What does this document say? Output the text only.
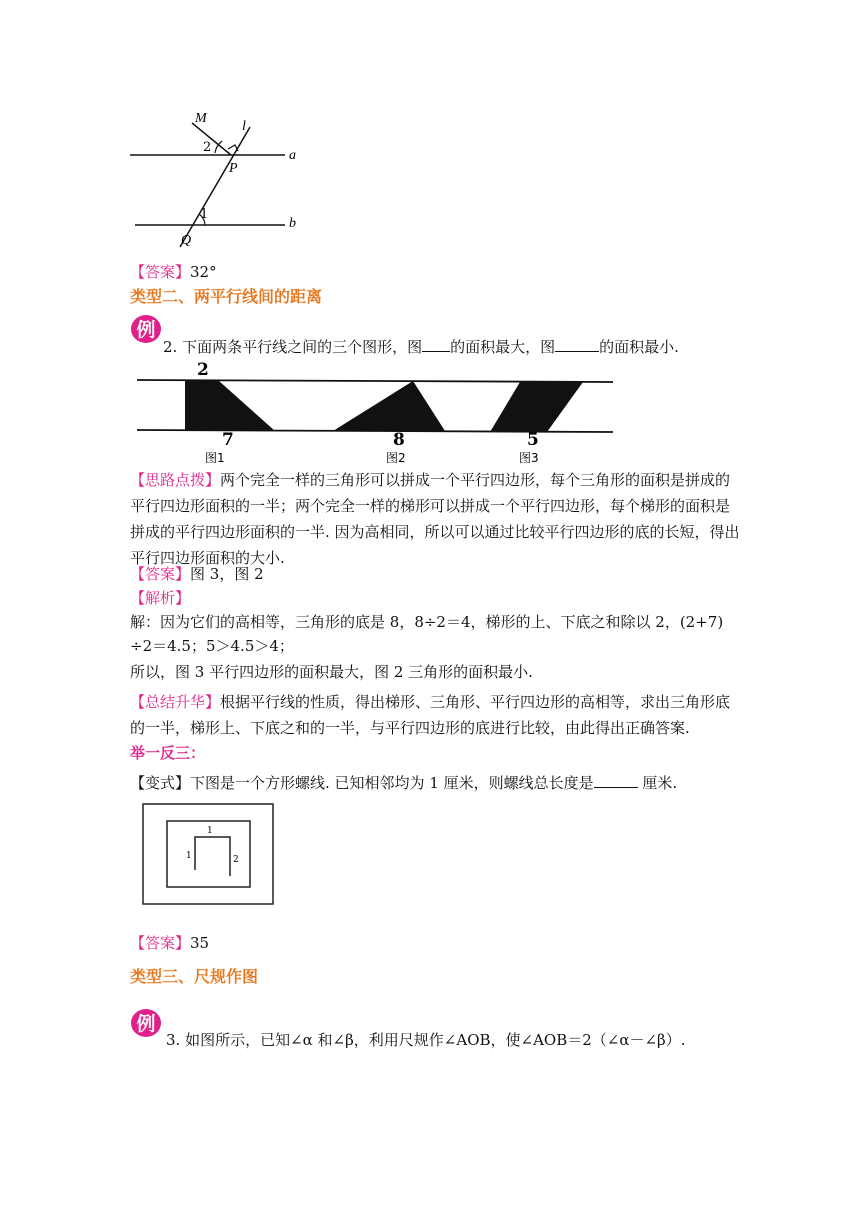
M
l
a
b
P
Q
1
2
【答案】32°
类型二、两平行线间的距离
例
2. 下面两条平行线之间的三个图形，图 的面积最大，图	的面积最小.
2
7	8	5
图1	图2	图3
【思路点拨】两个完全一样的三角形可以拼成一个平行四边形，每个三角形的面积是拼成的平行四边形面积的一半；两个完全一样的梯形可以拼成一个平行四边形，每个梯形的面积是拼成的平行四边形面积的一半. 因为高相同，所以可以通过比较平行四边形的底的长短，得出平行四边形面积的大小.
【答案】图 3，图 2
【解析】
解：因为它们的高相等，三角形的底是 8，8÷2＝4，梯形的上、下底之和除以 2，(2+7)
÷2＝4.5；5＞4.5＞4；
所以，图 3 平行四边形的面积最大，图 2 三角形的面积最小.
【总结升华】根据平行线的性质，得出梯形、三角形、平行四边形的高相等，求出三角形底的一半，梯形上、下底之和的一半，与平行四边形的底进行比较，由此得出正确答案.
举一反三：
【变式】下图是一个方形螺线. 已知相邻均为 1 厘米，则螺线总长度是	厘米.
1
1	2
【答案】35
类型三、尺规作图
例
3. 如图所示，已知∠α 和∠β，利用尺规作∠AOB，使∠AOB＝2（∠α－∠β）.
